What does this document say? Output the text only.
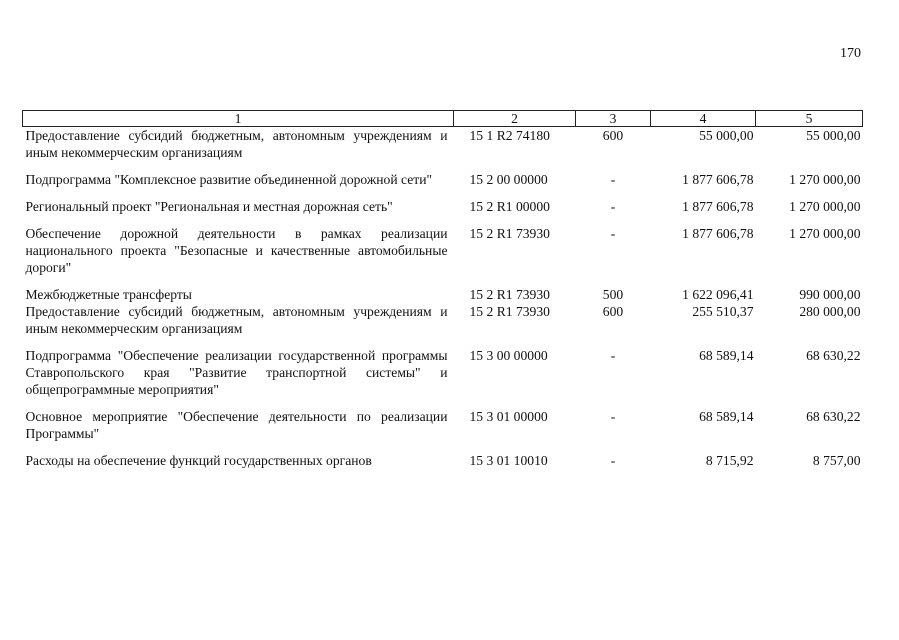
170
1	2	3	4	5
Предоставление субсидий бюджетным, автономным учреждениям и иным некоммерческим организациям	15 1 R2 74180	600	55 000,00	55 000,00
Подпрограмма "Комплексное развитие объединенной дорожной сети"	15 2 00 00000	-	1 877 606,78	1 270 000,00
Региональный проект "Региональная и местная дорожная сеть"	15 2 R1 00000	-	1 877 606,78	1 270 000,00
Обеспечение дорожной деятельности в рамках реализации национального проекта "Безопасные и качественные автомобильные дороги"	15 2 R1 73930	-	1 877 606,78	1 270 000,00
Межбюджетные трансферты	15 2 R1 73930	500	1 622 096,41	990 000,00
Предоставление субсидий бюджетным, автономным учреждениям и иным некоммерческим организациям	15 2 R1 73930	600	255 510,37	280 000,00
Подпрограмма "Обеспечение реализации государственной программы Ставропольского края "Развитие транспортной системы" и общепрограммные мероприятия"	15 3 00 00000	-	68 589,14	68 630,22
Основное мероприятие "Обеспечение деятельности по реализации Программы"	15 3 01 00000	-	68 589,14	68 630,22
Расходы на обеспечение функций государственных органов	15 3 01 10010	-	8 715,92	8 757,00
